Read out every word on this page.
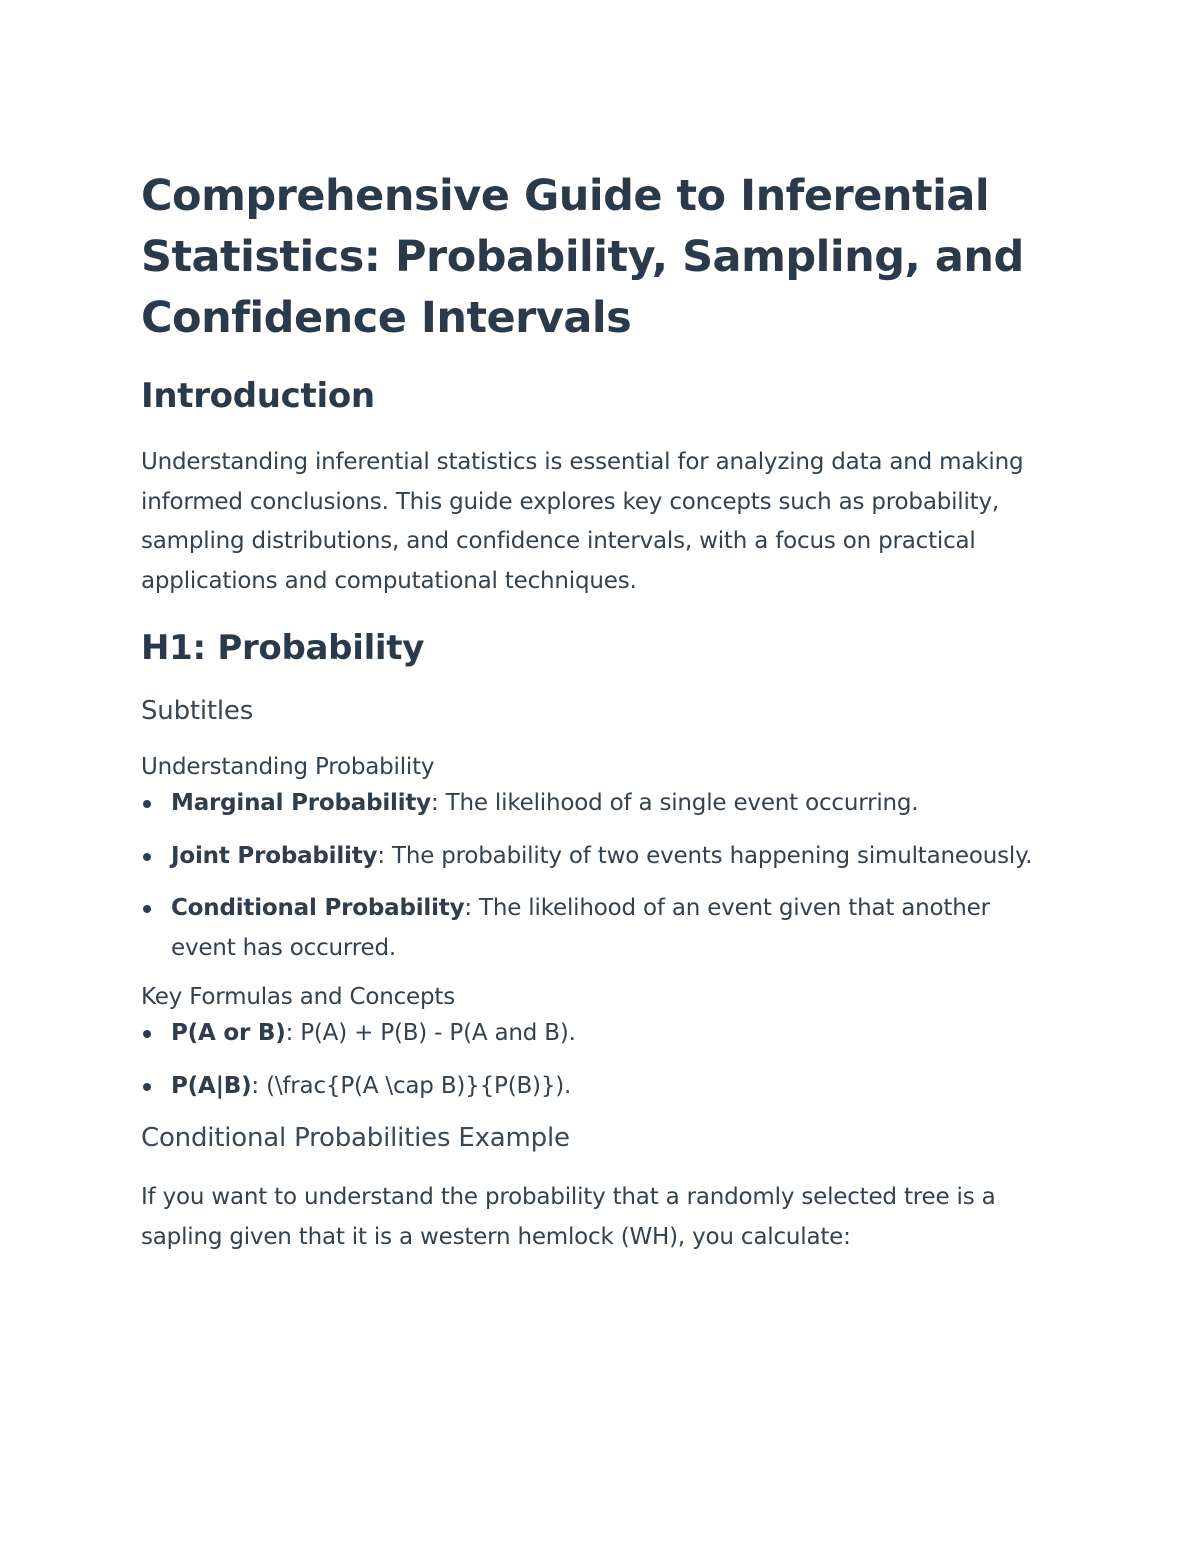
Comprehensive Guide to Inferential Statistics: Probability, Sampling, and Confidence Intervals
Introduction

Understanding inferential statistics is essential for analyzing data and making informed conclusions. This guide explores key concepts such as probability, sampling distributions, and confidence intervals, with a focus on practical applications and computational techniques.

H1: Probability
Subtitles
Understanding Probability
Marginal Probability: The likelihood of a single event occurring.
Joint Probability: The probability of two events happening simultaneously.
Conditional Probability: The likelihood of an event given that another event has occurred.
Key Formulas and Concepts
P(A or B): P(A) + P(B) - P(A and B).
P(A|B): (\frac{P(A \cap B)}{P(B)}).
Conditional Probabilities Example

If you want to understand the probability that a randomly selected tree is a sapling given that it is a western hemlock (WH), you calculate:
